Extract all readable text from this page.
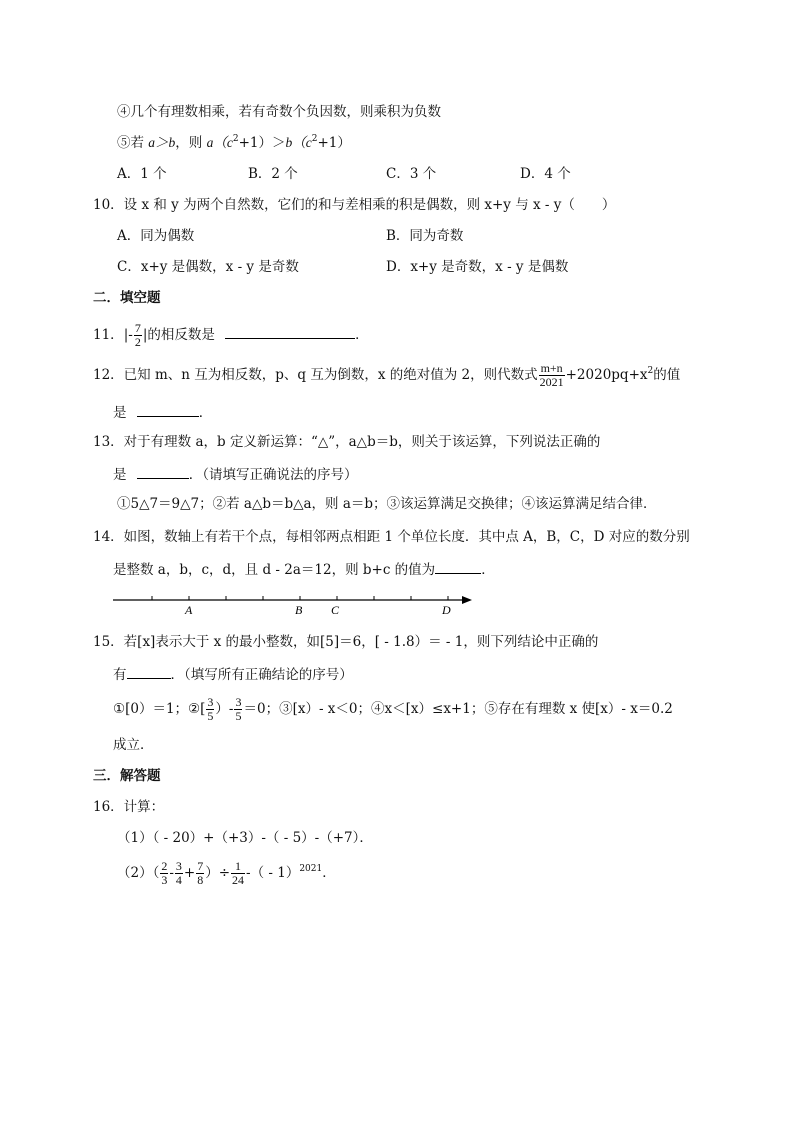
④几个有理数相乘，若有奇数个负因数，则乘积为负数
⑤若 a＞b，则 $a(c^2+1)>b(c^2+1)$
A．1 个	B．2 个	C．3 个	D．4 个
10．设 x 和 y 为两个自然数，它们的和与差相乘的积是偶数，则 x+y 与 x - y（　　）
A．同为偶数	B．同为奇数
C．x+y 是偶数，x - y 是奇数	D．x+y 是奇数，x - y 是偶数
二．填空题
11．|- $\frac{7}{2}$ |的相反数是	．
12．已知 m、n 互为相反数，p、q 互为倒数，x 的绝对值为 2，则代数式 $\frac{m+n}{2021} +2020pq+x^2$的值
是	．
13．对于有理数 a，b 定义新运算：“△”，a△b＝b，则关于该运算，下列说法正确的
是	．（请填写正确说法的序号）
①5△7＝9△7；②若 a△b＝b△a，则 a＝b；③该运算满足交换律；④该运算满足结合律．
14．如图，数轴上有若干个点，每相邻两点相距 1 个单位长度．其中点 A，B，C，D 对应的数分别
是整数 a，b，c，d，且 d - 2a＝12，则 b+c 的值为	．
A	B C	D
15．若[x]表示大于 x 的最小整数，如[5]＝6，[ - 1.8）＝ - 1，则下列结论中正确的
有	．（填写所有正确结论的序号）
①[0）＝1；②[ $\frac{3}{5}$ ）- $\frac{3}{5} =0$；③[x）- x＜0；④x＜[x）≤x+1；⑤存在有理数 x 使[x）- x＝0.2
成立．
三．解答题
16．计算：
（1）（ - 20）+（+3）-（ - 5）-（+7）．
$(2)( \frac{2}{3} - \frac{3}{4} + \frac{7}{8}$ ）÷ $\frac{1}{24}$ -（ - 1）$^{2021}$．
